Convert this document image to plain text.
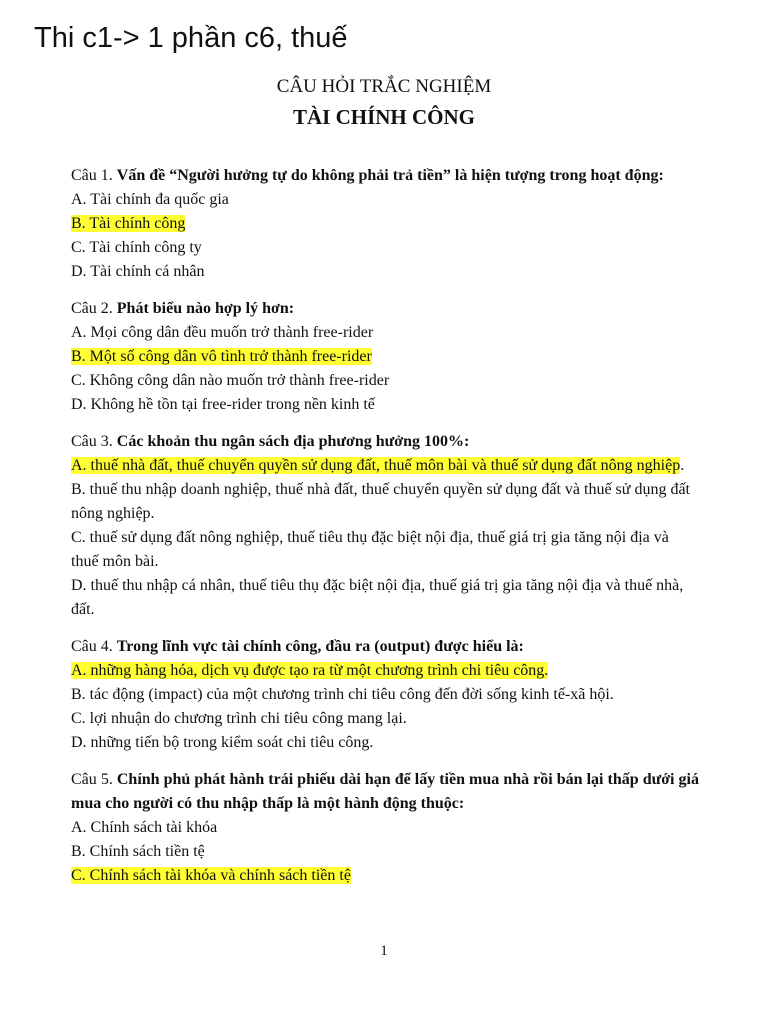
Thi c1-> 1 phần c6, thuế
CÂU HỎI TRẮC NGHIỆM
TÀI CHÍNH CÔNG
Câu 1. Vấn đề “Người hưởng tự do không phải trả tiền” là hiện tượng trong hoạt động:
A. Tài chính đa quốc gia
B. Tài chính công
C. Tài chính công ty
D. Tài chính cá nhân
Câu 2. Phát biểu nào hợp lý hơn:
A. Mọi công dân đều muốn trở thành free-rider
B. Một số công dân vô tình trở thành free-rider
C. Không công dân nào muốn trở thành free-rider
D. Không hề tồn tại free-rider trong nền kinh tế
Câu 3. Các khoản thu ngân sách địa phương hưởng 100%:
A. thuế nhà đất, thuế chuyển quyền sử dụng đất, thuế môn bài và thuế sử dụng đất nông nghiệp.
B. thuế thu nhập doanh nghiệp, thuế nhà đất, thuế chuyển quyền sử dụng đất và thuế sử dụng đất nông nghiệp.
C. thuế sử dụng đất nông nghiệp, thuế tiêu thụ đặc biệt nội địa, thuế giá trị gia tăng nội địa và thuế môn bài.
D. thuế thu nhập cá nhân, thuế tiêu thụ đặc biệt nội địa, thuế giá trị gia tăng nội địa và thuế nhà, đất.
Câu 4. Trong lĩnh vực tài chính công, đầu ra (output) được hiểu là:
A. những hàng hóa, dịch vụ được tạo ra từ một chương trình chi tiêu công.
B. tác động (impact) của một chương trình chi tiêu công đến đời sống kinh tế-xã hội.
C. lợi nhuận do chương trình chi tiêu công mang lại.
D. những tiến bộ trong kiểm soát chi tiêu công.
Câu 5. Chính phủ phát hành trái phiếu dài hạn để lấy tiền mua nhà rồi bán lại thấp dưới giá mua cho người có thu nhập thấp là một hành động thuộc:
A. Chính sách tài khóa
B. Chính sách tiền tệ
C. Chính sách tài khóa và chính sách tiền tệ
1
